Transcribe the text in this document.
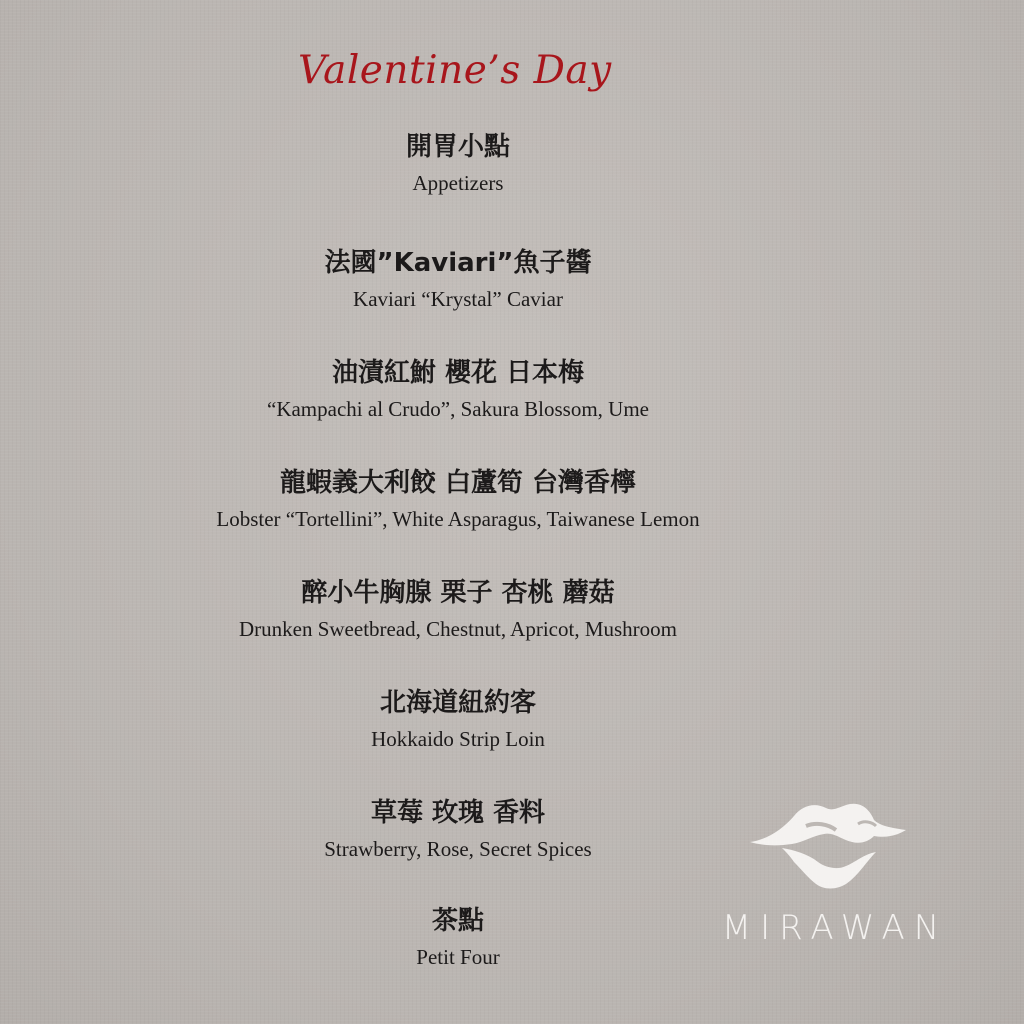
Valentine’s Day
開胃小點
Appetizers
法國”Kaviari”魚子醬
Kaviari “Krystal” Caviar
油漬紅鮒 櫻花 日本梅
“Kampachi al Crudo”, Sakura Blossom, Ume
龍蝦義大利餃 白蘆筍 台灣香檸
Lobster “Tortellini”, White Asparagus, Taiwanese Lemon
醉小牛胸腺 栗子 杏桃 蘑菇
Drunken Sweetbread, Chestnut, Apricot, Mushroom
北海道紐約客
Hokkaido Strip Loin
草莓 玫瑰 香料
Strawberry, Rose, Secret Spices
茶點
Petit Four
MIRAWAN
